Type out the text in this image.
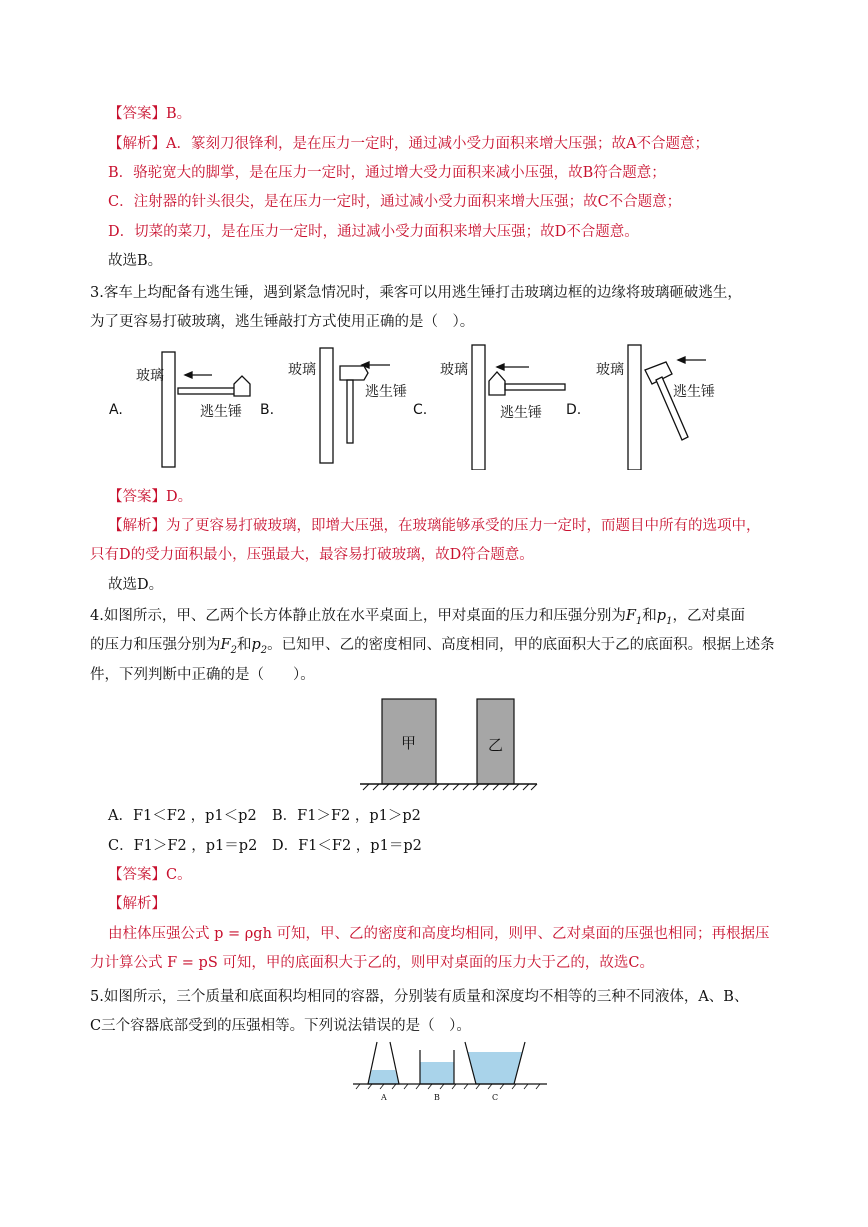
【答案】B。
【解析】A．篆刻刀很锋利，是在压力一定时，通过减小受力面积来增大压强；故A不合题意；
B．骆驼宽大的脚掌，是在压力一定时，通过增大受力面积来减小压强，故B符合题意；
C．注射器的针头很尖，是在压力一定时，通过减小受力面积来增大压强；故C不合题意；
D．切菜的菜刀，是在压力一定时，通过减小受力面积来增大压强；故D不合题意。
故选B。
3.客车上均配备有逃生锤，遇到紧急情况时，乘客可以用逃生锤打击玻璃边框的边缘将玻璃砸破逃生，
为了更容易打破玻璃，逃生锤敲打方式使用正确的是（　）。
玻璃
逃生锤
A.
玻璃
逃生锤
B.
玻璃
逃生锤
C.
玻璃
逃生锤
D.
【答案】D。
【解析】为了更容易打破玻璃，即增大压强，在玻璃能够承受的压力一定时，而题目中所有的选项中，
只有D的受力面积最小，压强最大，最容易打破玻璃，故D符合题意。
故选D。
4.如图所示，甲、乙两个长方体静止放在水平桌面上，甲对桌面的压力和压强分别为$F_1$和$p_1$，乙对桌面
的压力和压强分别为$F_2$和$p_2$。已知甲、乙的密度相同、高度相同，甲的底面积大于乙的底面积。根据上述条
件，下列判断中正确的是（　　）。
甲	乙
A．F1＜F2 ，p1＜p2 B．F1＞F2 ，p1＞p2
C．F1＞F2 ，p1＝p2 D．F1＜F2 ，p1＝p2
【答案】C。
【解析】
由柱体压强公式 p = ρgh 可知，甲、乙的密度和高度均相同，则甲、乙对桌面的压强也相同；再根据压
力计算公式 F = pS 可知，甲的底面积大于乙的，则甲对桌面的压力大于乙的，故选C。
5.如图所示，三个质量和底面积均相同的容器，分别装有质量和深度均不相等的三种不同液体，A、B、
C三个容器底部受到的压强相等。下列说法错误的是（　）。
A	B	C
